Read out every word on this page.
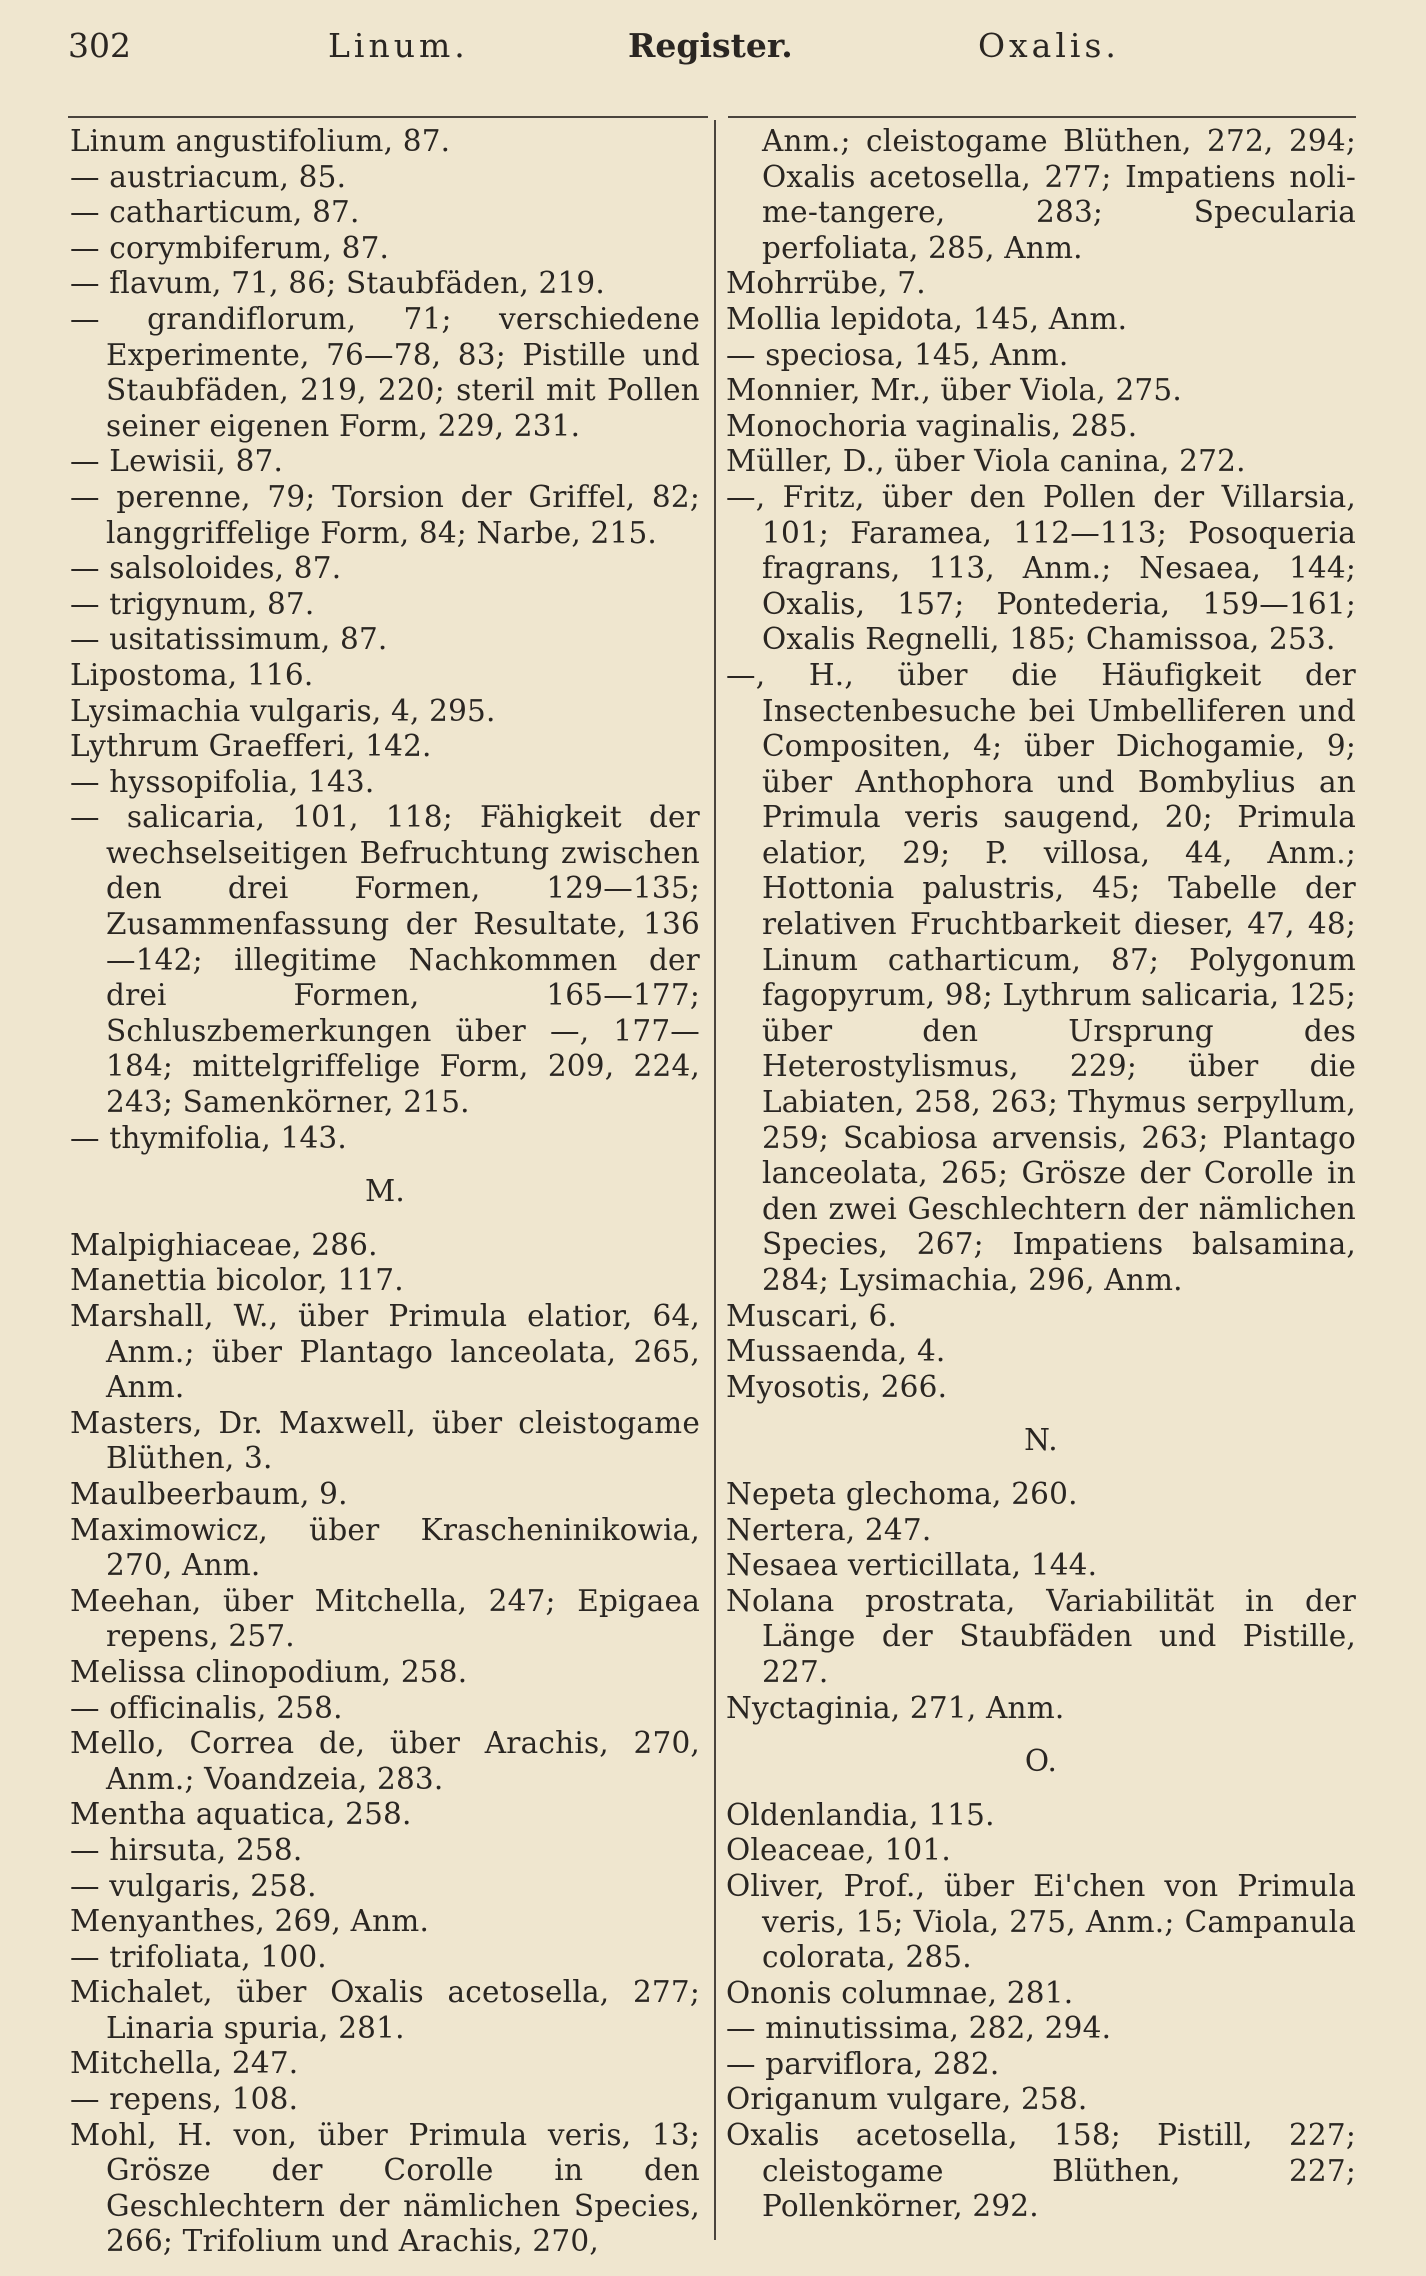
302	Linum.	Register.	Oxalis.

Linum angustifolium, 87.

— austriacum, 85.

— catharticum, 87.

— corymbiferum, 87.

— flavum, 71, 86; Staubfäden, 219.

— grandiflorum, 71; verschiedene Experimente, 76—78, 83; Pistille und Staubfäden, 219, 220; steril mit Pollen seiner eigenen Form, 229, 231.

— Lewisii, 87.

— perenne, 79; Torsion der Griffel, 82; langgriffelige Form, 84; Narbe, 215.

— salsoloides, 87.

— trigynum, 87.

— usitatissimum, 87.

Lipostoma, 116.

Lysimachia vulgaris, 4, 295.

Lythrum Graefferi, 142.

— hyssopifolia, 143.

— salicaria, 101, 118; Fähigkeit der wechselseitigen Befruchtung zwischen den drei Formen, 129—135; Zusammenfassung der Resultate, 136—142; illegitime Nachkommen der drei Formen, 165—177; Schluszbemerkungen über —, 177—184; mittelgriffelige Form, 209, 224, 243; Samenkörner, 215.

— thymifolia, 143.

M.

Malpighiaceae, 286.

Manettia bicolor, 117.

Marshall, W., über Primula elatior, 64, Anm.; über Plantago lanceolata, 265, Anm.

Masters, Dr. Maxwell, über cleistogame Blüthen, 3.

Maulbeerbaum, 9.

Maximowicz, über Krascheninikowia, 270, Anm.

Meehan, über Mitchella, 247; Epigaea repens, 257.

Melissa clinopodium, 258.

— officinalis, 258.

Mello, Correa de, über Arachis, 270, Anm.; Voandzeia, 283.

Mentha aquatica, 258.

— hirsuta, 258.

— vulgaris, 258.

Menyanthes, 269, Anm.

— trifoliata, 100.

Michalet, über Oxalis acetosella, 277; Linaria spuria, 281.

Mitchella, 247.

— repens, 108.

Mohl, H. von, über Primula veris, 13; Grösze der Corolle in den Geschlechtern der nämlichen Species, 266; Trifolium und Arachis, 270,

Anm.; cleistogame Blüthen, 272, 294; Oxalis acetosella, 277; Impatiens noli-me-tangere, 283; Specularia perfoliata, 285, Anm.

Mohrrübe, 7.

Mollia lepidota, 145, Anm.

— speciosa, 145, Anm.

Monnier, Mr., über Viola, 275.

Monochoria vaginalis, 285.

Müller, D., über Viola canina, 272.

—, Fritz, über den Pollen der Villarsia, 101; Faramea, 112—113; Posoqueria fragrans, 113, Anm.; Nesaea, 144; Oxalis, 157; Pontederia, 159—161; Oxalis Regnelli, 185; Chamissoa, 253.

—, H., über die Häufigkeit der Insectenbesuche bei Umbelliferen und Compositen, 4; über Dichogamie, 9; über Anthophora und Bombylius an Primula veris saugend, 20; Primula elatior, 29; P. villosa, 44, Anm.; Hottonia palustris, 45; Tabelle der relativen Fruchtbarkeit dieser, 47, 48; Linum catharticum, 87; Polygonum fagopyrum, 98; Lythrum salicaria, 125; über den Ursprung des Heterostylismus, 229; über die Labiaten, 258, 263; Thymus serpyllum, 259; Scabiosa arvensis, 263; Plantago lanceolata, 265; Grösze der Corolle in den zwei Geschlechtern der nämlichen Species, 267; Impatiens balsamina, 284; Lysimachia, 296, Anm.

Muscari, 6.

Mussaenda, 4.

Myosotis, 266.

N.

Nepeta glechoma, 260.

Nertera, 247.

Nesaea verticillata, 144.

Nolana prostrata, Variabilität in der Länge der Staubfäden und Pistille, 227.

Nyctaginia, 271, Anm.

O.

Oldenlandia, 115.

Oleaceae, 101.

Oliver, Prof., über Ei'chen von Primula veris, 15; Viola, 275, Anm.; Campanula colorata, 285.

Ononis columnae, 281.

— minutissima, 282, 294.

— parviflora, 282.

Origanum vulgare, 258.

Oxalis acetosella, 158; Pistill, 227; cleistogame Blüthen, 227; Pollenkörner, 292.
